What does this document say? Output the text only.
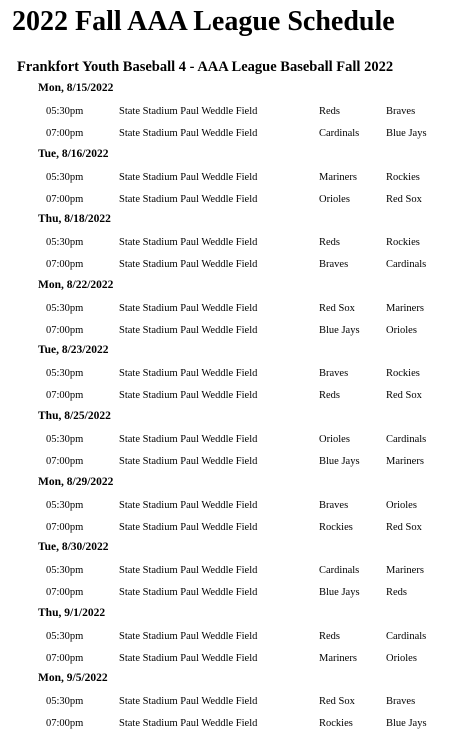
2022 Fall AAA League Schedule
Frankfort Youth Baseball 4 - AAA League Baseball Fall 2022
Mon, 8/15/2022
05:30pm	State Stadium Paul Weddle Field	Reds	Braves
07:00pm	State Stadium Paul Weddle Field	Cardinals	Blue Jays
Tue, 8/16/2022
05:30pm	State Stadium Paul Weddle Field	Mariners	Rockies
07:00pm	State Stadium Paul Weddle Field	Orioles	Red Sox
Thu, 8/18/2022
05:30pm	State Stadium Paul Weddle Field	Reds	Rockies
07:00pm	State Stadium Paul Weddle Field	Braves	Cardinals
Mon, 8/22/2022
05:30pm	State Stadium Paul Weddle Field	Red Sox	Mariners
07:00pm	State Stadium Paul Weddle Field	Blue Jays	Orioles
Tue, 8/23/2022
05:30pm	State Stadium Paul Weddle Field	Braves	Rockies
07:00pm	State Stadium Paul Weddle Field	Reds	Red Sox
Thu, 8/25/2022
05:30pm	State Stadium Paul Weddle Field	Orioles	Cardinals
07:00pm	State Stadium Paul Weddle Field	Blue Jays	Mariners
Mon, 8/29/2022
05:30pm	State Stadium Paul Weddle Field	Braves	Orioles
07:00pm	State Stadium Paul Weddle Field	Rockies	Red Sox
Tue, 8/30/2022
05:30pm	State Stadium Paul Weddle Field	Cardinals	Mariners
07:00pm	State Stadium Paul Weddle Field	Blue Jays	Reds
Thu, 9/1/2022
05:30pm	State Stadium Paul Weddle Field	Reds	Cardinals
07:00pm	State Stadium Paul Weddle Field	Mariners	Orioles
Mon, 9/5/2022
05:30pm	State Stadium Paul Weddle Field	Red Sox	Braves
07:00pm	State Stadium Paul Weddle Field	Rockies	Blue Jays
